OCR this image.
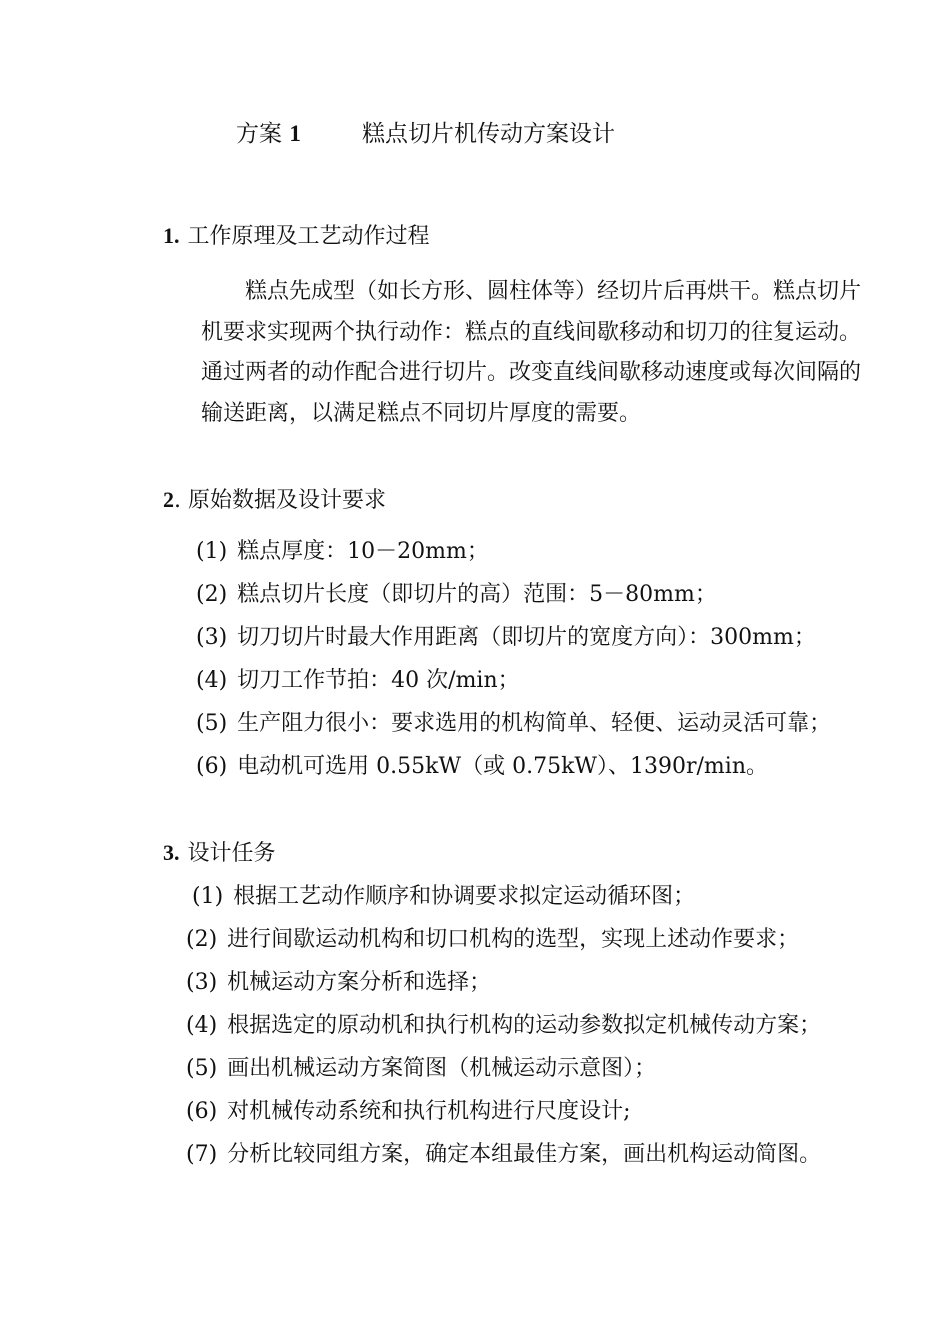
方案 1	糕点切片机传动方案设计
1. 工作原理及工艺动作过程
糕点先成型（如长方形、圆柱体等）经切片后再烘干。糕点切片机要求实现两个执行动作：糕点的直线间歇移动和切刀的往复运动。通过两者的动作配合进行切片。改变直线间歇移动速度或每次间隔的输送距离，以满足糕点不同切片厚度的需要。
2. 原始数据及设计要求
(1) 糕点厚度：10－20mm；
(2) 糕点切片长度（即切片的高）范围：5－80mm；
(3) 切刀切片时最大作用距离（即切片的宽度方向）：300mm；
(4) 切刀工作节拍：40 次/min；
(5) 生产阻力很小：要求选用的机构简单、轻便、运动灵活可靠；
(6) 电动机可选用 0.55kW（或 0.75kW）、1390r/min。
3. 设计任务
(1) 根据工艺动作顺序和协调要求拟定运动循环图；
(2) 进行间歇运动机构和切口机构的选型，实现上述动作要求；
(3) 机械运动方案分析和选择；
(4) 根据选定的原动机和执行机构的运动参数拟定机械传动方案；
(5) 画出机械运动方案简图（机械运动示意图）；
(6) 对机械传动系统和执行机构进行尺度设计;
(7) 分析比较同组方案，确定本组最佳方案，画出机构运动简图。
